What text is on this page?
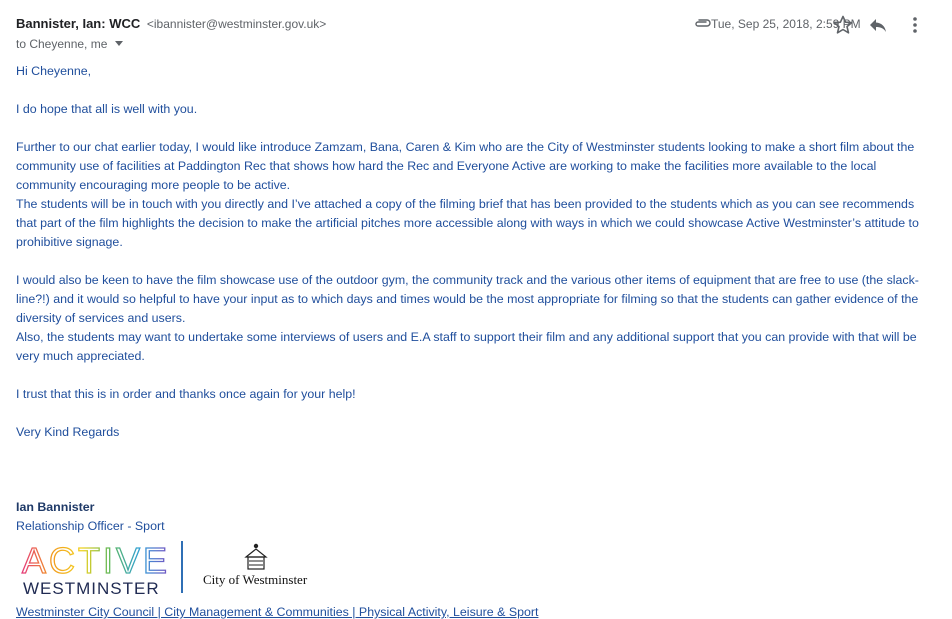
Bannister, Ian: WCC <ibannister@westminster.gov.uk>
to Cheyenne, me
Tue, Sep 25, 2018, 2:59 PM

Hi Cheyenne,

I do hope that all is well with you.

Further to our chat earlier today, I would like introduce Zamzam, Bana, Caren & Kim who are the City of Westminster students looking to make a short film about the community use of facilities at Paddington Rec that shows how hard the Rec and Everyone Active are working to make the facilities more available to the local community encouraging more people to be active.

The students will be in touch with you directly and I’ve attached a copy of the filming brief that has been provided to the students which as you can see recommends that part of the film highlights the decision to make the artificial pitches more accessible along with ways in which we could showcase Active Westminster’s attitude to prohibitive signage.

I would also be keen to have the film showcase use of the outdoor gym, the community track and the various other items of equipment that are free to use (the slack-line?!) and it would so helpful to have your input as to which days and times would be the most appropriate for filming so that the students can gather evidence of the diversity of services and users.

Also, the students may want to undertake some interviews of users and E.A staff to support their film and any additional support that you can provide with that will be very much appreciated.

I trust that this is in order and thanks once again for your help!

Very Kind Regards

Ian Bannister
Relationship Officer - Sport
ACTIVE
WESTMINSTER	City of Westminster
Westminster City Council | City Management & Communities | Physical Activity, Leisure & Sport
